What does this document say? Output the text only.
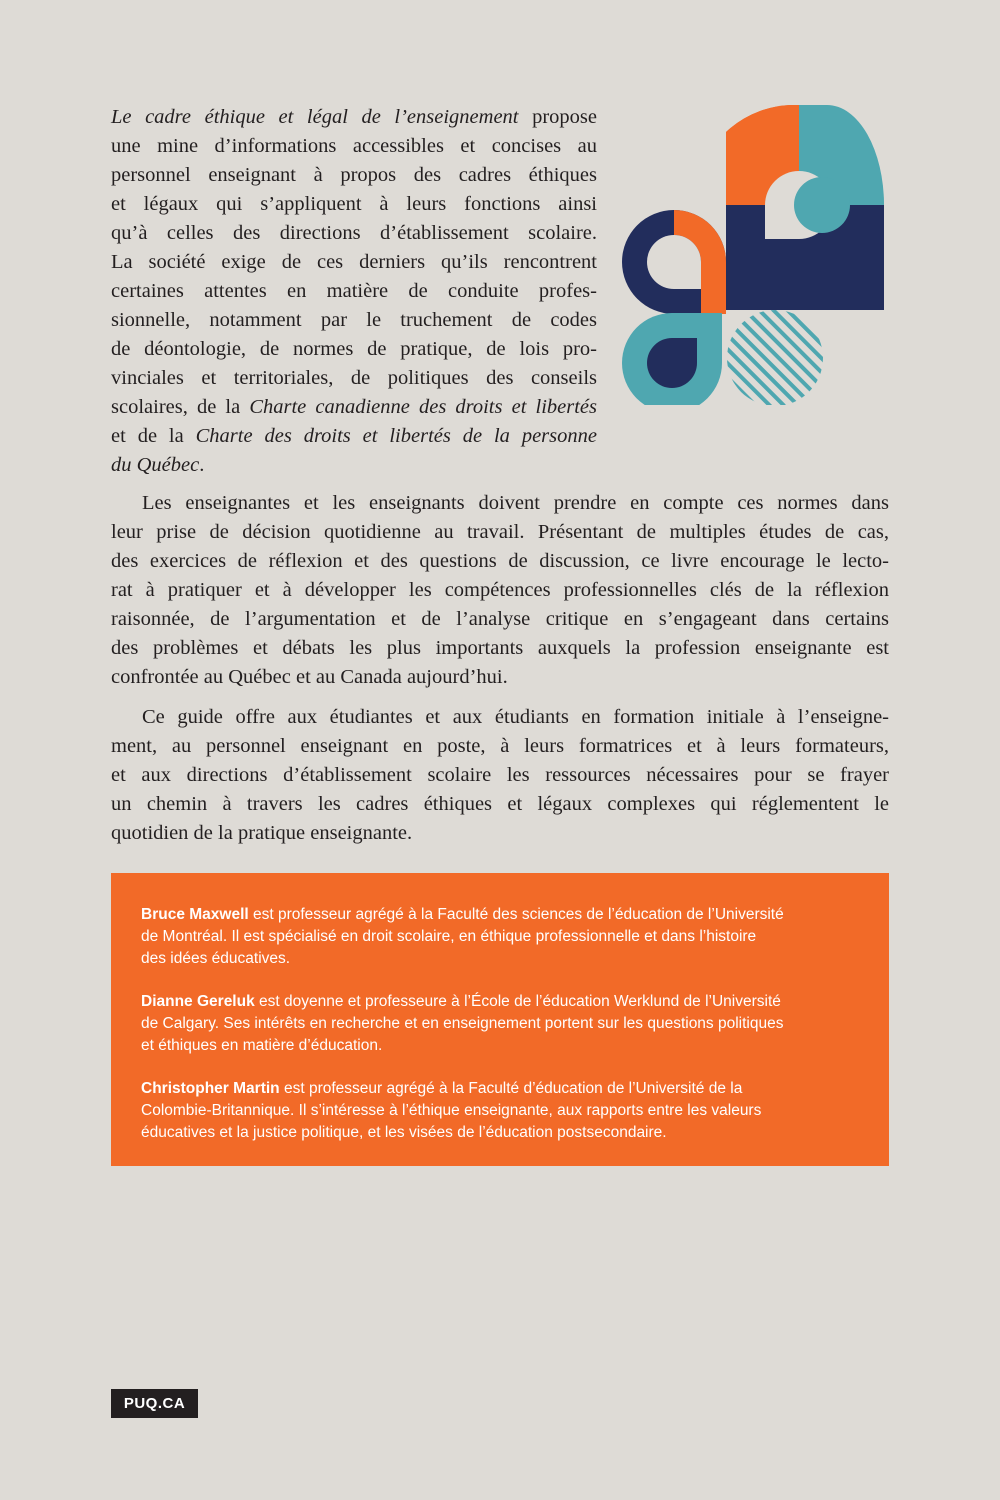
Le cadre éthique et légal de l’enseignement propose
une mine d’informations accessibles et concises au
personnel enseignant à propos des cadres éthiques
et légaux qui s’appliquent à leurs fonctions ainsi
qu’à celles des directions d’établissement scolaire.
La société exige de ces derniers qu’ils rencontrent
certaines attentes en matière de conduite profes-
sionnelle, notamment par le truchement de codes
de déontologie, de normes de pratique, de lois pro-
vinciales et territoriales, de politiques des conseils
scolaires, de la Charte canadienne des droits et libertés
et de la Charte des droits et libertés de la personne
du Québec.
Les enseignantes et les enseignants doivent prendre en compte ces normes dans
leur prise de décision quotidienne au travail. Présentant de multiples études de cas,
des exercices de réflexion et des questions de discussion, ce livre encourage le lecto-
rat à pratiquer et à développer les compétences professionnelles clés de la réflexion
raisonnée, de l’argumentation et de l’analyse critique en s’engageant dans certains
des problèmes et débats les plus importants auxquels la profession enseignante est
confrontée au Québec et au Canada aujourd’hui.
Ce guide offre aux étudiantes et aux étudiants en formation initiale à l’enseigne-
ment, au personnel enseignant en poste, à leurs formatrices et à leurs formateurs,
et aux directions d’établissement scolaire les ressources nécessaires pour se frayer
un chemin à travers les cadres éthiques et légaux complexes qui réglementent le
quotidien de la pratique enseignante.
Bruce Maxwell est professeur agrégé à la Faculté des sciences de l’éducation de l’Université
de Montréal. Il est spécialisé en droit scolaire, en éthique professionnelle et dans l’histoire
des idées éducatives.
Dianne Gereluk est doyenne et professeure à l’École de l’éducation Werklund de l’Université
de Calgary. Ses intérêts en recherche et en enseignement portent sur les questions politiques
et éthiques en matière d’éducation.
Christopher Martin est professeur agrégé à la Faculté d’éducation de l’Université de la
Colombie-Britannique. Il s’intéresse à l’éthique enseignante, aux rapports entre les valeurs
éducatives et la justice politique, et les visées de l’éducation postsecondaire.
PUQ.CA
